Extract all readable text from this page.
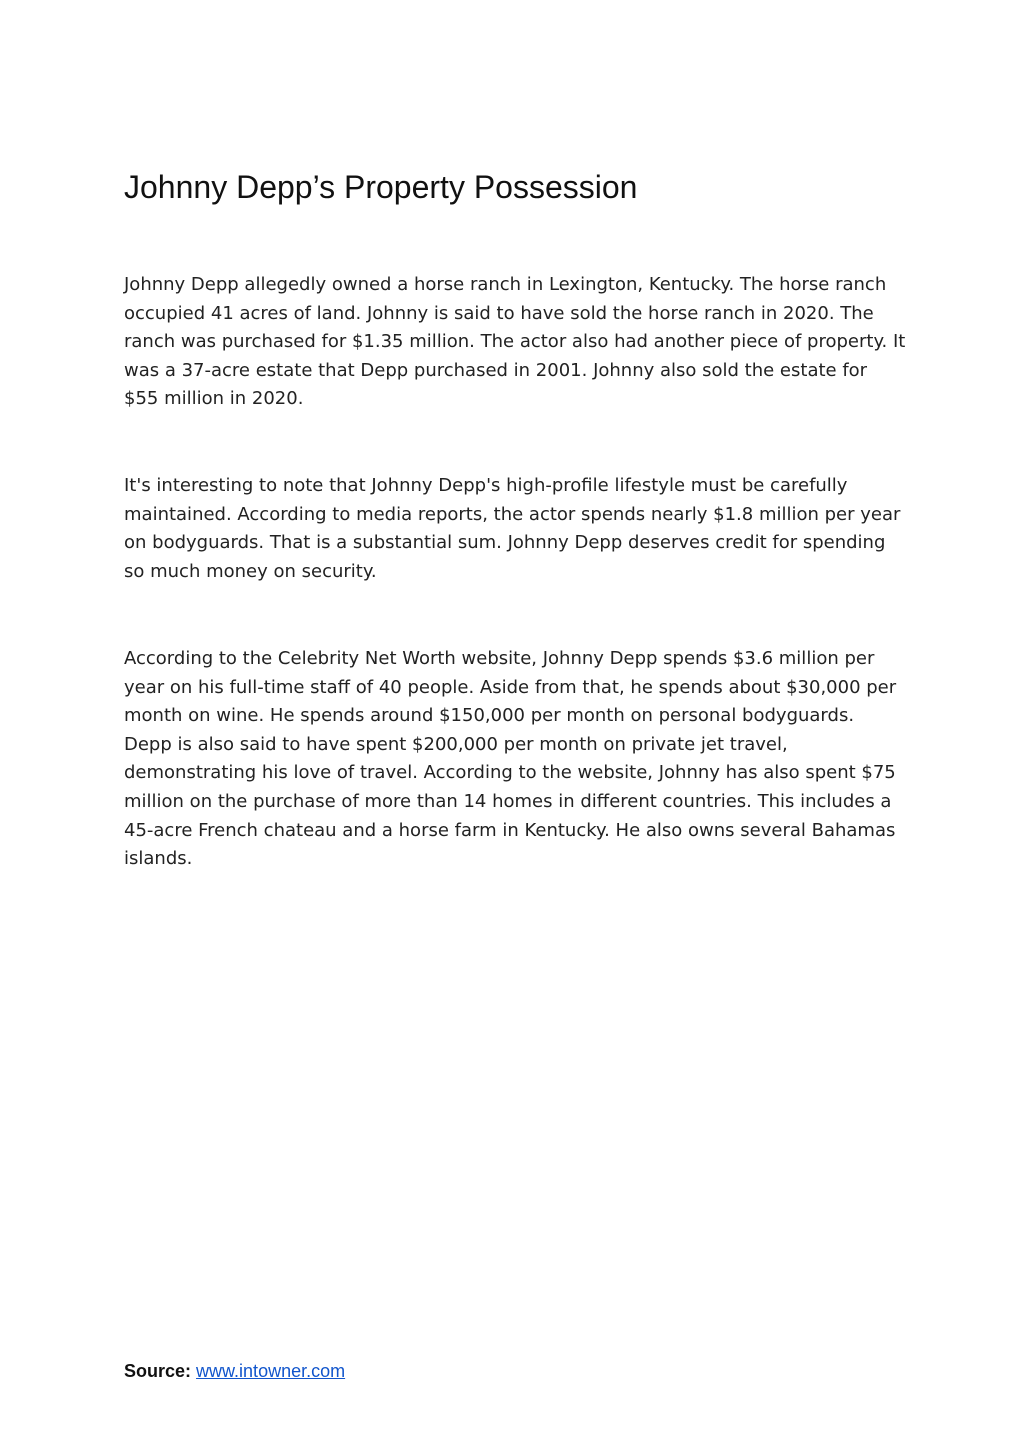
Johnny Depp’s Property Possession

Johnny Depp allegedly owned a horse ranch in Lexington, Kentucky. The horse ranch occupied 41 acres of land. Johnny is said to have sold the horse ranch in 2020. The ranch was purchased for $1.35 million. The actor also had another piece of property. It was a 37-acre estate that Depp purchased in 2001. Johnny also sold the estate for $55 million in 2020.

It's interesting to note that Johnny Depp's high-profile lifestyle must be carefully maintained. According to media reports, the actor spends nearly $1.8 million per year on bodyguards. That is a substantial sum. Johnny Depp deserves credit for spending so much money on security.

According to the Celebrity Net Worth website, Johnny Depp spends $3.6 million per year on his full-time staff of 40 people. Aside from that, he spends about $30,000 per month on wine. He spends around $150,000 per month on personal bodyguards. Depp is also said to have spent $200,000 per month on private jet travel, demonstrating his love of travel. According to the website, Johnny has also spent $75 million on the purchase of more than 14 homes in different countries. This includes a 45-acre French chateau and a horse farm in Kentucky. He also owns several Bahamas islands.

Source: www.intowner.com
